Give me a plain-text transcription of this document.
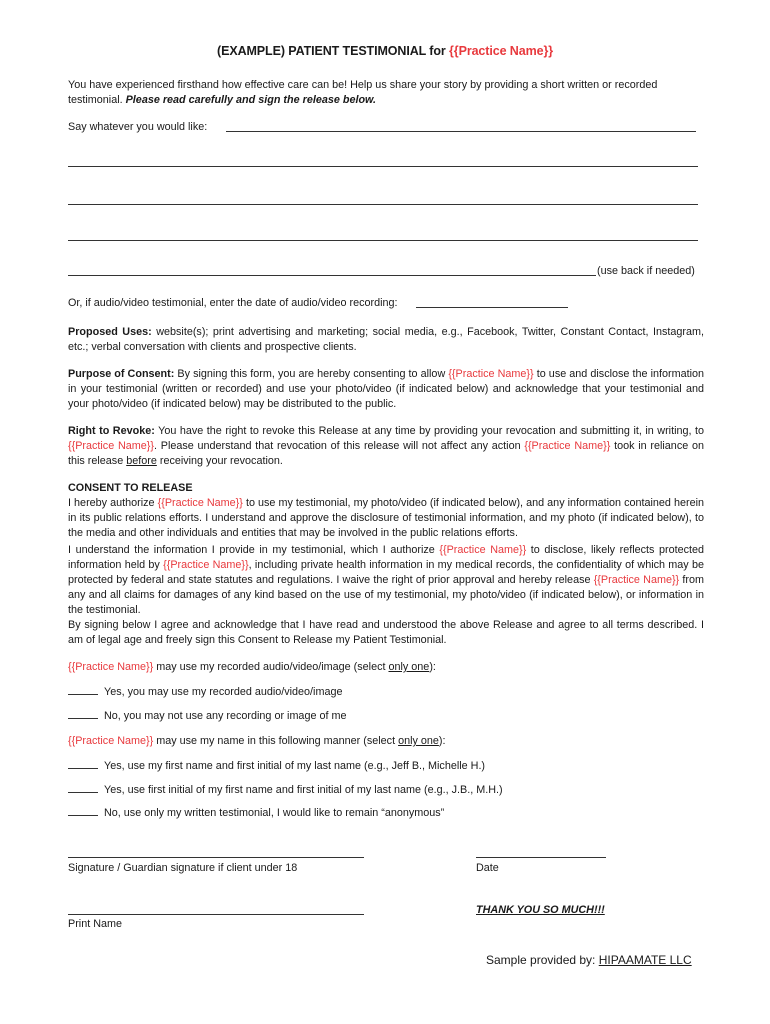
(EXAMPLE) PATIENT TESTIMONIAL for {{Practice Name}}
You have experienced firsthand how effective care can be! Help us share your story by providing a short written or recorded
testimonial. Please read carefully and sign the release below.
Say whatever you would like:
(use back if needed)
Or, if audio/video testimonial, enter the date of audio/video recording:
Proposed Uses: website(s); print advertising and marketing; social media, e.g., Facebook, Twitter, Constant Contact, Instagram, etc.; verbal conversation with clients and prospective clients.
Purpose of Consent: By signing this form, you are hereby consenting to allow {{Practice Name}} to use and disclose the information in your testimonial (written or recorded) and use your photo/video (if indicated below) and acknowledge that your testimonial and your photo/video (if indicated below) may be distributed to the public.
Right to Revoke: You have the right to revoke this Release at any time by providing your revocation and submitting it, in writing, to {{Practice Name}}. Please understand that revocation of this release will not affect any action {{Practice Name}} took in reliance on this release before receiving your revocation.
CONSENT TO RELEASE
I hereby authorize {{Practice Name}} to use my testimonial, my photo/video (if indicated below), and any information contained herein in its public relations efforts. I understand and approve the disclosure of testimonial information, and my photo (if indicated below), to the media and other individuals and entities that may be involved in the public relations efforts.
I understand the information I provide in my testimonial, which I authorize {{Practice Name}} to disclose, likely reflects protected information held by {{Practice Name}}, including private health information in my medical records, the confidentiality of which may be protected by federal and state statutes and regulations. I waive the right of prior approval and hereby release {{Practice Name}} from any and all claims for damages of any kind based on the use of my testimonial, my photo/video (if indicated below), or information in the testimonial.
By signing below I agree and acknowledge that I have read and understood the above Release and agree to all terms described. I am of legal age and freely sign this Consent to Release my Patient Testimonial.
{{Practice Name}} may use my recorded audio/video/image (select only one):
Yes, you may use my recorded audio/video/image
No, you may not use any recording or image of me
{{Practice Name}} may use my name in this following manner (select only one):
Yes, use my first name and first initial of my last name (e.g., Jeff B., Michelle H.)
Yes, use first initial of my first name and first initial of my last name (e.g., J.B., M.H.)
No, use only my written testimonial, I would like to remain “anonymous”
Signature / Guardian signature if client under 18	Date
Print Name
THANK YOU SO MUCH!!!
Sample provided by: HIPAAMATE LLC
